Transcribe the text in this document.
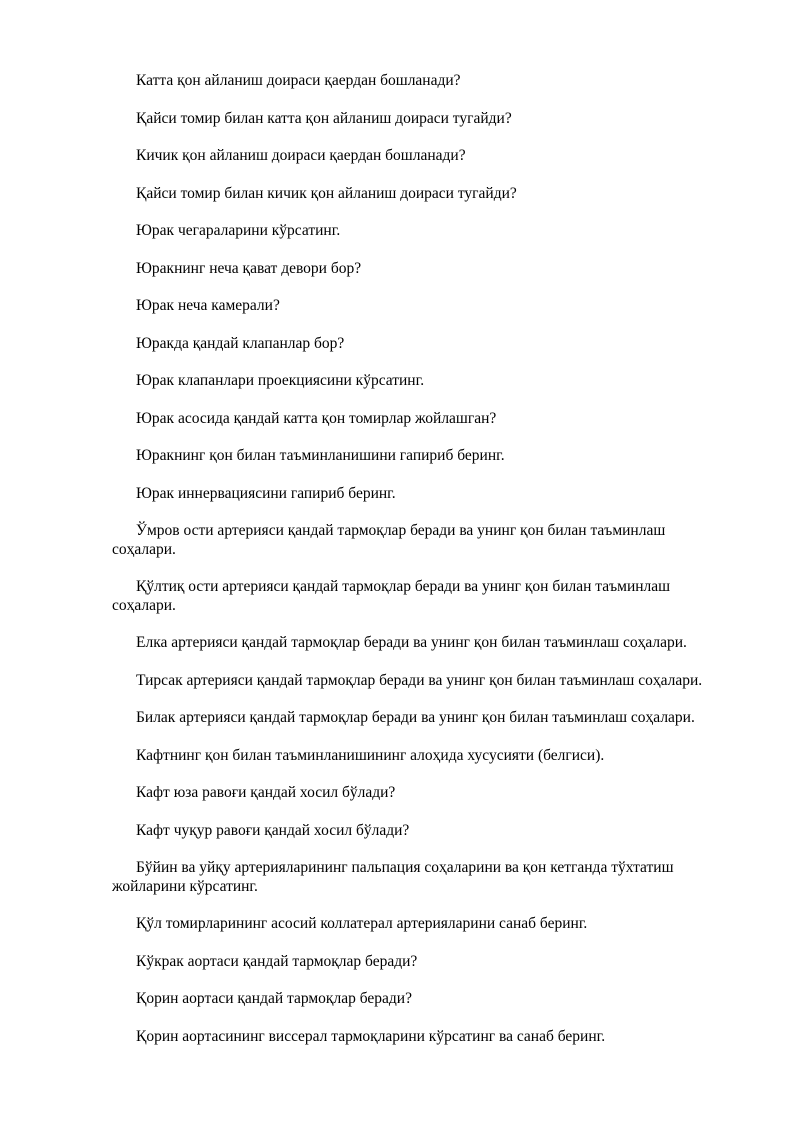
Катта қон айланиш доираси қаердан бошланади?

Қайси томир билан катта қон айланиш доираси тугайди?

Кичик қон айланиш доираси қаердан бошланади?

Қайси томир билан кичик қон айланиш доираси тугайди?

Юрак чегараларини кўрсатинг.

Юракнинг неча қават девори бор?

Юрак неча камерали?

Юракда қандай клапанлар бор?

Юрак клапанлари проекциясини кўрсатинг.

Юрак асосида қандай катта қон томирлар жойлашган?

Юракнинг қон билан таъминланишини гапириб беринг.

Юрак иннервациясини гапириб беринг.

Ўмров ости артерияси қандай тармоқлар беради ва унинг қон билан таъминлаш соҳалари.

Қўлтиқ ости артерияси қандай тармоқлар беради ва унинг қон билан таъминлаш соҳалари.

Елка артерияси қандай тармоқлар беради ва унинг қон билан таъминлаш соҳалари.

Тирсак артерияси қандай тармоқлар беради ва унинг қон билан таъминлаш соҳалари.

Билак артерияси қандай тармоқлар беради ва унинг қон билан таъминлаш соҳалари.

Кафтнинг қон билан таъминланишининг алоҳида хусусияти (белгиси).

Кафт юза равоғи қандай хосил бўлади?

Кафт чуқур равоғи қандай хосил бўлади?

Бўйин ва уйқу артерияларининг пальпация соҳаларини ва қон кетганда тўхтатиш жойларини кўрсатинг.

Қўл томирларининг асосий коллатерал артерияларини санаб беринг.

Кўкрак аортаси қандай тармоқлар беради?

Қорин аортаси қандай тармоқлар беради?

Қорин аортасининг висcерал тармоқларини кўрсатинг ва санаб беринг.
